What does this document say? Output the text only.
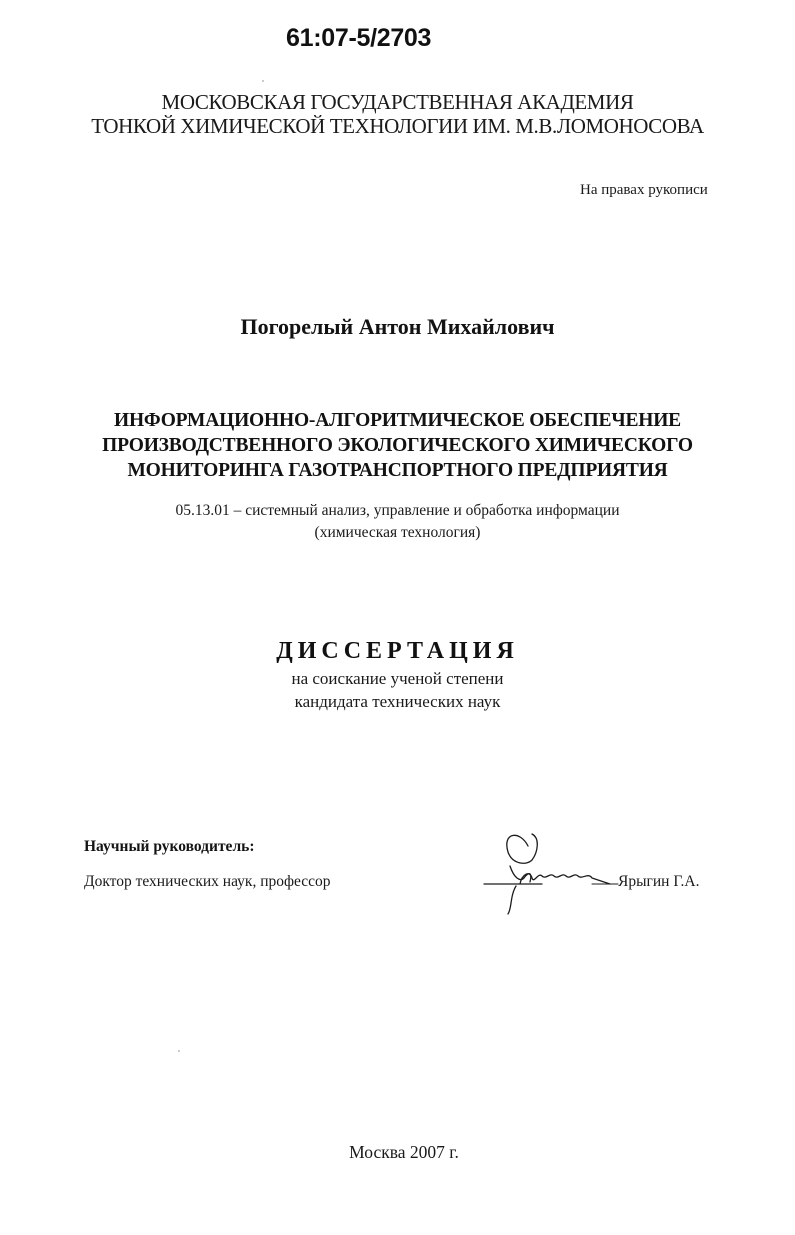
61:07-5/2703
МОСКОВСКАЯ ГОСУДАРСТВЕННАЯ АКАДЕМИЯ
ТОНКОЙ ХИМИЧЕСКОЙ ТЕХНОЛОГИИ ИМ. М.В.ЛОМОНОСОВА
На правах рукописи
Погорелый Антон Михайлович
ИНФОРМАЦИОННО-АЛГОРИТМИЧЕСКОЕ ОБЕСПЕЧЕНИЕ
ПРОИЗВОДСТВЕННОГО ЭКОЛОГИЧЕСКОГО ХИМИЧЕСКОГО
МОНИТОРИНГА ГАЗОТРАНСПОРТНОГО ПРЕДПРИЯТИЯ
05.13.01 – системный анализ, управление и обработка информации
(химическая технология)
ДИССЕРТАЦИЯ
на соискание ученой степени
кандидата технических наук
Научный руководитель:
Доктор технических наук, профессор	Ярыгин Г.А.
Москва 2007 г.
